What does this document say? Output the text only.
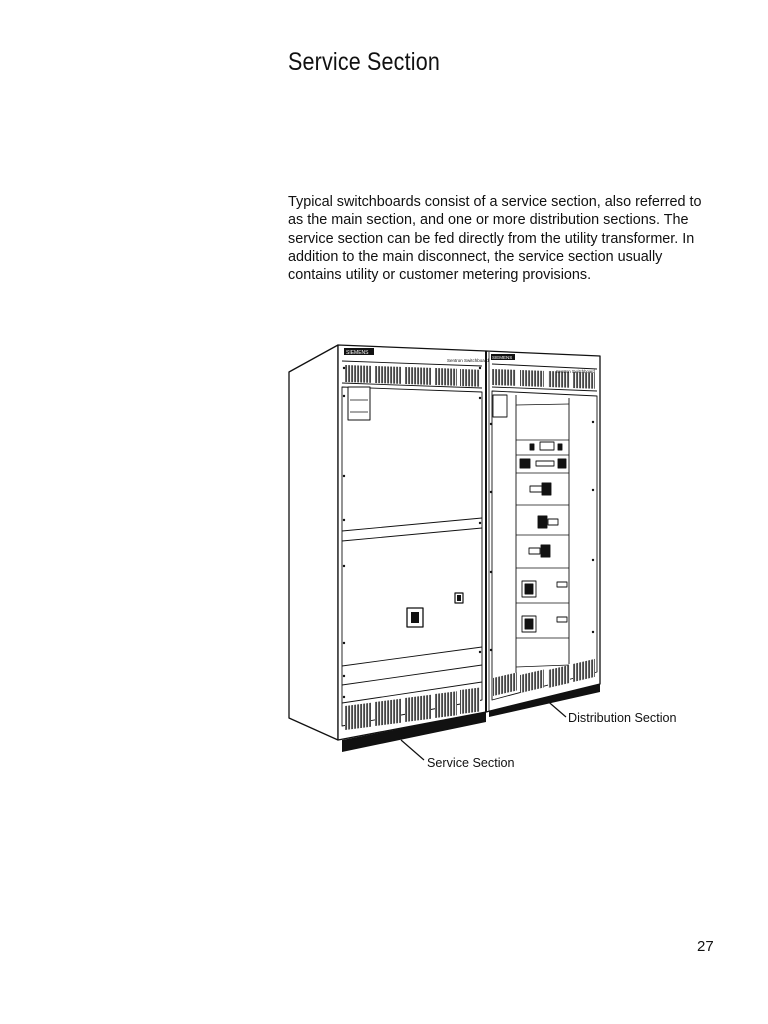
Service Section
Typical switchboards consist of a service section, also referred to as the main section, and one or more distribution sections. The service section can be fed directly from the utility transformer. In addition to the main disconnect, the service section usually contains utility or customer metering provisions.
SIEMENS
SIEMENS
Sentron Switchboard
Sentron Switchboard
Distribution Section
Service Section
27
